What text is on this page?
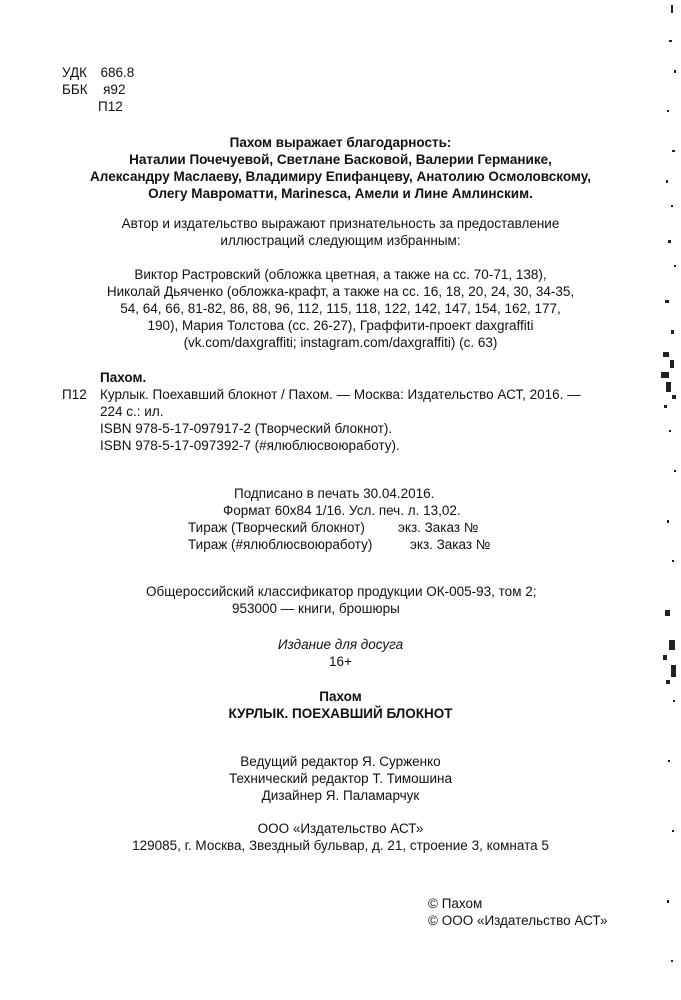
УДК 686.8
ББК я92
П12
Пахом выражает благодарность:
Наталии Почечуевой, Светлане Басковой, Валерии Германике,
Александру Маслаеву, Владимиру Епифанцеву, Анатолию Осмоловскому,
Олегу Мавроматти, Marinesca, Амели и Лине Амлинским.
Автор и издательство выражают признательность за предоставление
иллюстраций следующим избранным:
Виктор Растровский (обложка цветная, а также на сс. 70-71, 138),
Николай Дьяченко (обложка-крафт, а также на сс. 16, 18, 20, 24, 30, 34-35,
54, 64, 66, 81-82, 86, 88, 96, 112, 115, 118, 122, 142, 147, 154, 162, 177,
190), Мария Толстова (сс. 26-27), Граффити-проект daxgraffiti
(vk.com/daxgraffiti; instagram.com/daxgraffiti) (с. 63)
Пахом.
П12 Курлык. Поехавший блокнот / Пахом. — Москва: Издательство АСТ, 2016. —
224 с.: ил.
ISBN 978-5-17-097917-2 (Творческий блокнот).
ISBN 978-5-17-097392-7 (#ялюблюсвоюработу).
Подписано в печать 30.04.2016.
Формат 60x84 1/16. Усл. печ. л. 13,02.
Тираж (Творческий блокнот) экз. Заказ №
Тираж (#ялюблюсвоюработу)	экз. Заказ №
Общероссийский классификатор продукции ОК-005-93, том 2;
953000 — книги, брошюры
Издание для досуга
16+
Пахом
КУРЛЫК. ПОЕХАВШИЙ БЛОКНОТ
Ведущий редактор Я. Сурженко
Технический редактор Т. Тимошина
Дизайнер Я. Паламарчук
ООО «Издательство АСТ»
129085, г. Москва, Звездный бульвар, д. 21, строение 3, комната 5
© Пахом
© ООО «Издательство АСТ»
